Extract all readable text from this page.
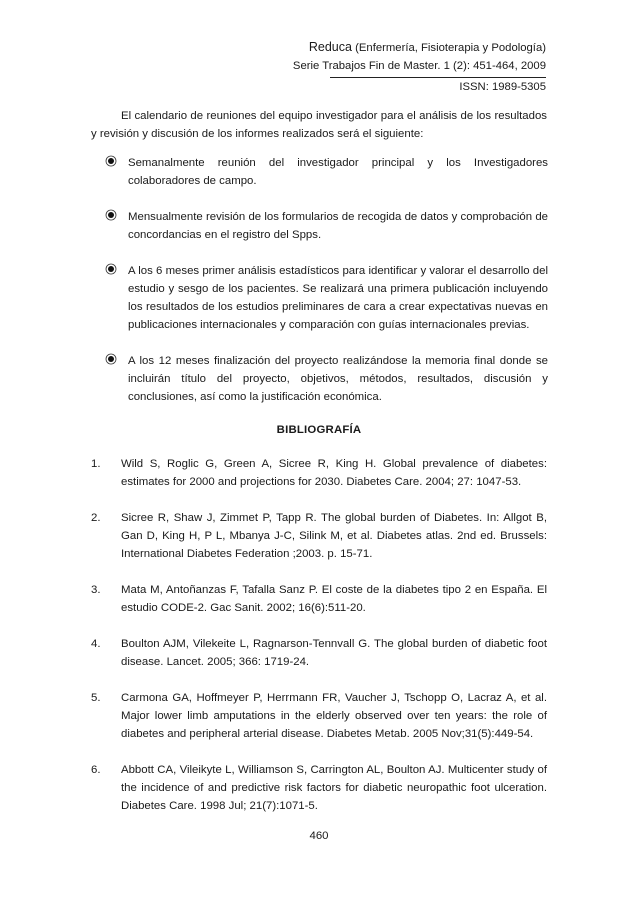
Reduca (Enfermería, Fisioterapia y Podología)
Serie Trabajos Fin de Master. 1 (2): 451-464, 2009
ISSN: 1989-5305

El calendario de reuniones del equipo investigador para el análisis de los resultados y revisión y discusión de los informes realizados será el siguiente:

Semanalmente reunión del investigador principal y los Investigadores colaboradores de campo.
Mensualmente revisión de los formularios de recogida de datos y comprobación de concordancias en el registro del Spps.
A los 6 meses primer análisis estadísticos para identificar y valorar el desarrollo del estudio y sesgo de los pacientes. Se realizará una primera publicación incluyendo los resultados de los estudios preliminares de cara a crear expectativas nuevas en publicaciones internacionales y comparación con guías internacionales previas.
A los 12 meses finalización del proyecto realizándose la memoria final donde se incluirán título del proyecto, objetivos, métodos, resultados, discusión y conclusiones, así como la justificación económica.
BIBLIOGRAFÍA
1. Wild S, Roglic G, Green A, Sicree R, King H. Global prevalence of diabetes: estimates for 2000 and projections for 2030. Diabetes Care. 2004; 27: 1047-53.
2. Sicree R, Shaw J, Zimmet P, Tapp R. The global burden of Diabetes. In: Allgot B, Gan D, King H, P L, Mbanya J-C, Silink M, et al. Diabetes atlas. 2nd ed. Brussels: International Diabetes Federation ;2003. p. 15-71.
3. Mata M, Antoñanzas F, Tafalla Sanz P. El coste de la diabetes tipo 2 en España. El estudio CODE-2. Gac Sanit. 2002; 16(6):511-20.
4. Boulton AJM, Vilekeite L, Ragnarson-Tennvall G. The global burden of diabetic foot disease. Lancet. 2005; 366: 1719-24.
5. Carmona GA, Hoffmeyer P, Herrmann FR, Vaucher J, Tschopp O, Lacraz A, et al. Major lower limb amputations in the elderly observed over ten years: the role of diabetes and peripheral arterial disease. Diabetes Metab. 2005 Nov;31(5):449-54.
6. Abbott CA, Vileikyte L, Williamson S, Carrington AL, Boulton AJ. Multicenter study of the incidence of and predictive risk factors for diabetic neuropathic foot ulceration. Diabetes Care. 1998 Jul; 21(7):1071-5.
460
